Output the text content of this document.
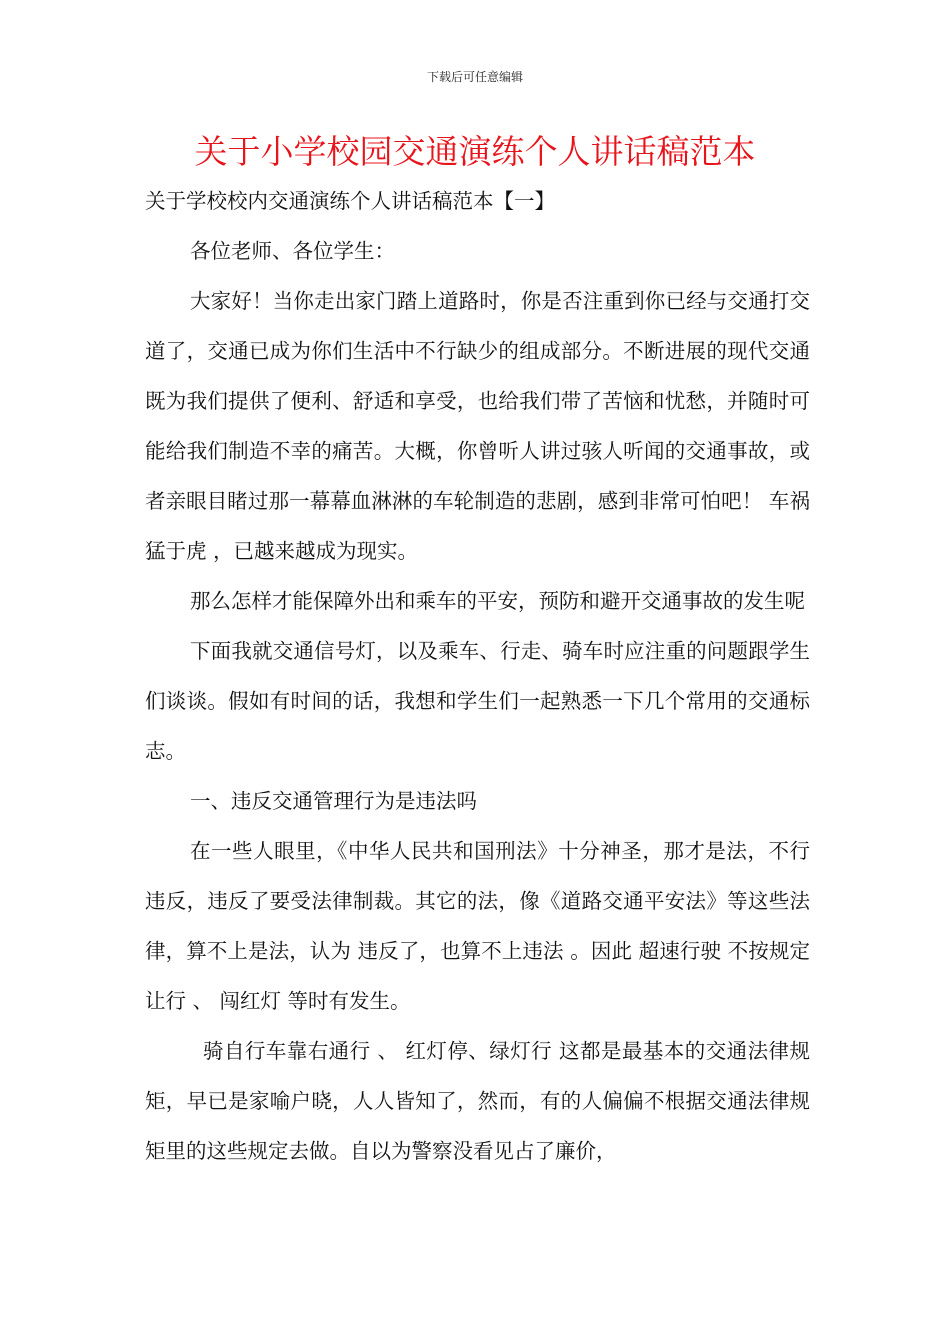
下载后可任意编辑
关于小学校园交通演练个人讲话稿范本

关于学校校内交通演练个人讲话稿范本【一】

各位老师、各位学生：

大家好！当你走出家门踏上道路时，你是否注重到你已经与交通打交道了，交通已成为你们生活中不行缺少的组成部分。不断进展的现代交通既为我们提供了便利、舒适和享受，也给我们带了苦恼和忧愁，并随时可能给我们制造不幸的痛苦。大概，你曾听人讲过骇人听闻的交通事故，或者亲眼目睹过那一幕幕血淋淋的车轮制造的悲剧，感到非常可怕吧！ 车祸猛于虎 ，已越来越成为现实。

那么怎样才能保障外出和乘车的平安，预防和避开交通事故的发生呢

下面我就交通信号灯，以及乘车、行走、骑车时应注重的问题跟学生们谈谈。假如有时间的话，我想和学生们一起熟悉一下几个常用的交通标志。

一、违反交通管理行为是违法吗

在一些人眼里，《中华人民共和国刑法》十分神圣，那才是法，不行违反，违反了要受法律制裁。其它的法，像《道路交通平安法》等这些法律，算不上是法，认为 违反了，也算不上违法 。因此 超速行驶 不按规定让行 、 闯红灯 等时有发生。

骑自行车靠右通行 、 红灯停、绿灯行 这都是最基本的交通法律规矩，早已是家喻户晓，人人皆知了，然而，有的人偏偏不根据交通法律规矩里的这些规定去做。自以为警察没看见占了廉价，
